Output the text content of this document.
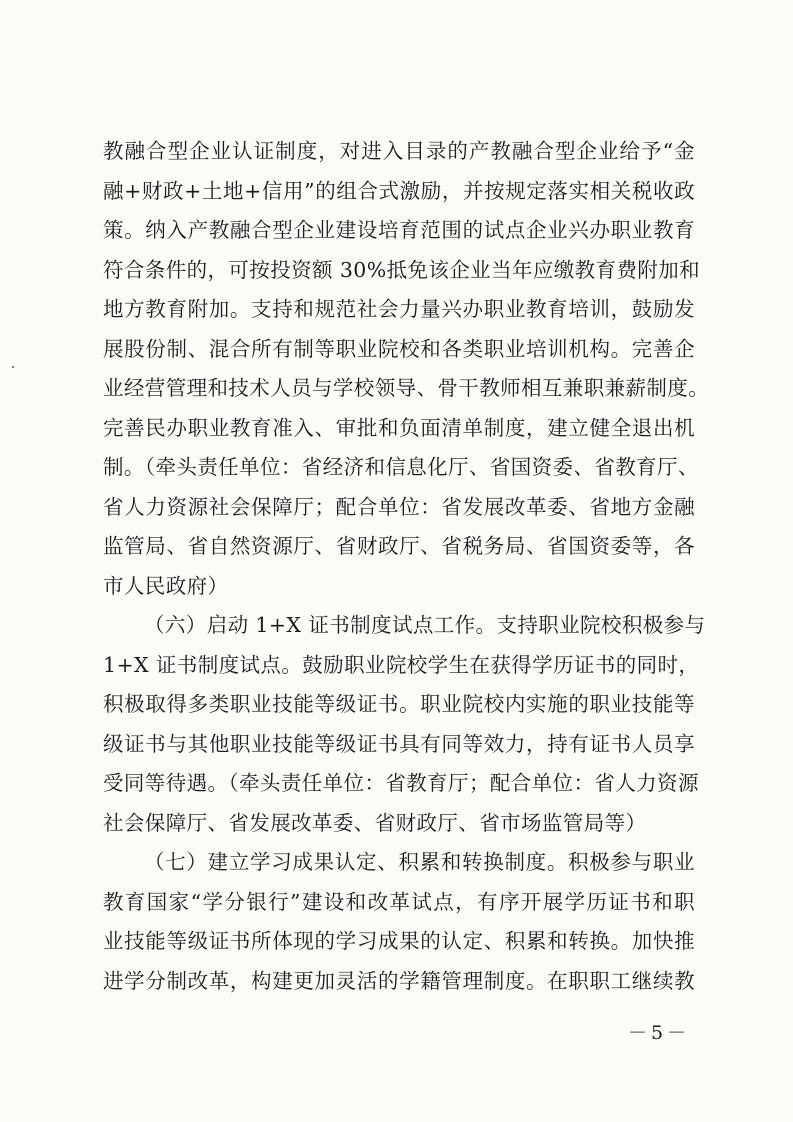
教融合型企业认证制度，对进入目录的产教融合型企业给予“金
融+财政+土地+信用”的组合式激励，并按规定落实相关税收政
策。纳入产教融合型企业建设培育范围的试点企业兴办职业教育
符合条件的，可按投资额 30%抵免该企业当年应缴教育费附加和
地方教育附加。支持和规范社会力量兴办职业教育培训，鼓励发
展股份制、混合所有制等职业院校和各类职业培训机构。完善企
业经营管理和技术人员与学校领导、骨干教师相互兼职兼薪制度。
完善民办职业教育准入、审批和负面清单制度，建立健全退出机
制。（牵头责任单位：省经济和信息化厅、省国资委、省教育厅、
省人力资源社会保障厅；配合单位：省发展改革委、省地方金融
监管局、省自然资源厅、省财政厅、省税务局、省国资委等，各
市人民政府）
（六）启动 1+X 证书制度试点工作。支持职业院校积极参与
1+X 证书制度试点。鼓励职业院校学生在获得学历证书的同时，
积极取得多类职业技能等级证书。职业院校内实施的职业技能等
级证书与其他职业技能等级证书具有同等效力，持有证书人员享
受同等待遇。（牵头责任单位：省教育厅；配合单位：省人力资源
社会保障厅、省发展改革委、省财政厅、省市场监管局等）
（七）建立学习成果认定、积累和转换制度。积极参与职业
教育国家“学分银行”建设和改革试点，有序开展学历证书和职
业技能等级证书所体现的学习成果的认定、积累和转换。加快推
进学分制改革，构建更加灵活的学籍管理制度。在职职工继续教
－5－
